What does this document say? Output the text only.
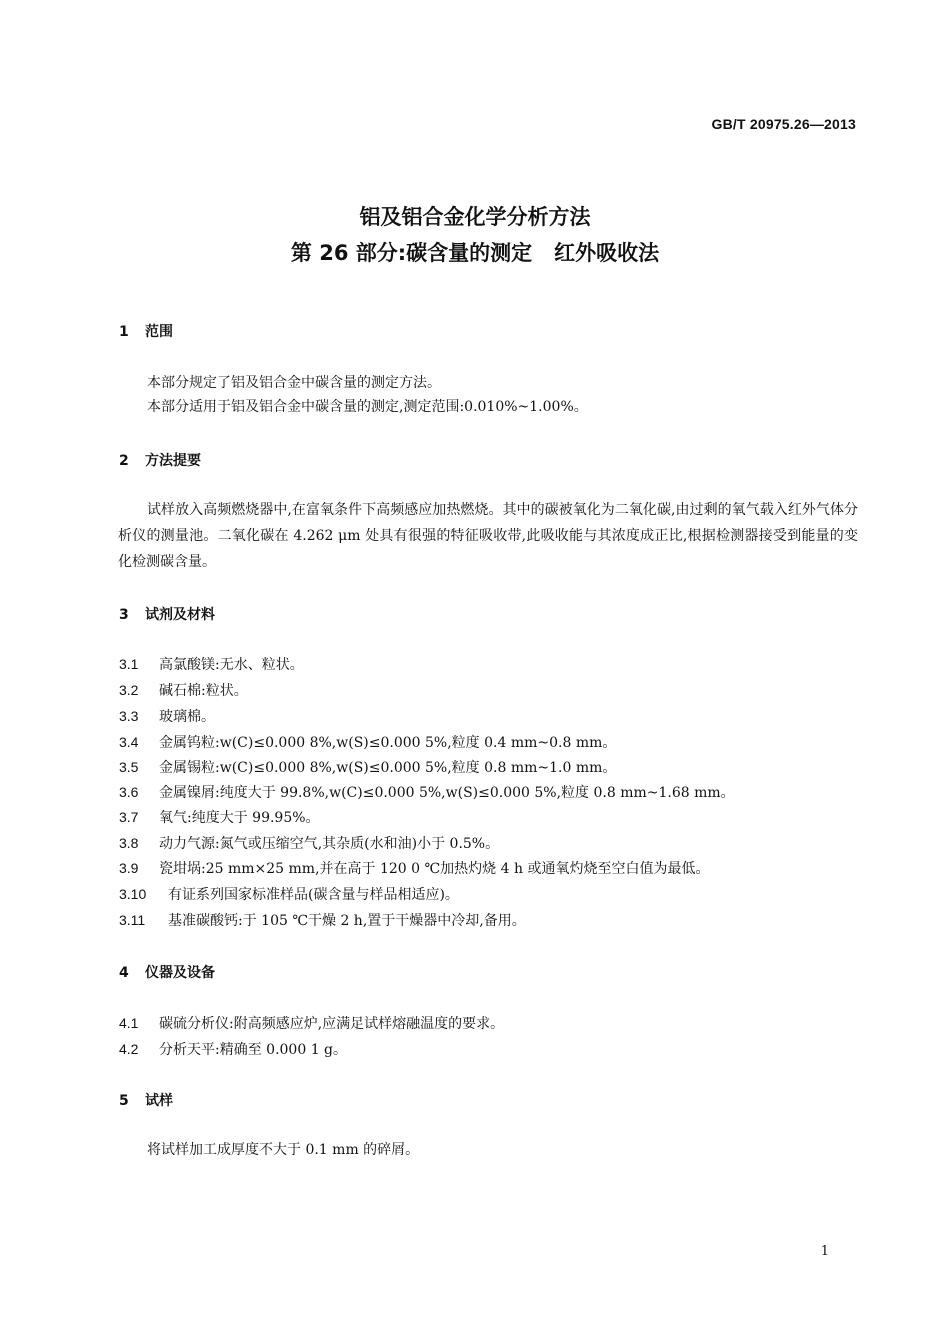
GB/T 20975.26—2013
铝及铝合金化学分析方法
第 26 部分:碳含量的测定   红外吸收法
1 范围

本部分规定了铝及铝合金中碳含量的测定方法。

本部分适用于铝及铝合金中碳含量的测定,测定范围:0.010%~1.00%。

2 方法提要

试样放入高频燃烧器中,在富氧条件下高频感应加热燃烧。其中的碳被氧化为二氧化碳,由过剩的氧气载入红外气体分析仪的测量池。二氧化碳在 4.262 μm 处具有很强的特征吸收带,此吸收能与其浓度成正比,根据检测器接受到能量的变化检测碳含量。

3 试剂及材料
3.1 高氯酸镁:无水、粒状。
3.2 碱石棉:粒状。
3.3 玻璃棉。
3.4 金属钨粒:w(C)≤0.000 8%,w(S)≤0.000 5%,粒度 0.4 mm~0.8 mm。
3.5 金属锡粒:w(C)≤0.000 8%,w(S)≤0.000 5%,粒度 0.8 mm~1.0 mm。
3.6 金属镍屑:纯度大于 99.8%,w(C)≤0.000 5%,w(S)≤0.000 5%,粒度 0.8 mm~1.68 mm。
3.7 氧气:纯度大于 99.95%。
3.8 动力气源:氮气或压缩空气,其杂质(水和油)小于 0.5%。
3.9 瓷坩埚:25 mm×25 mm,并在高于 120 0 ℃加热灼烧 4 h 或通氧灼烧至空白值为最低。
3.10 有证系列国家标准样品(碳含量与样品相适应)。
3.11 基准碳酸钙:于 105 ℃干燥 2 h,置于干燥器中冷却,备用。
4 仪器及设备
4.1 碳硫分析仪:附高频感应炉,应满足试样熔融温度的要求。
4.2 分析天平:精确至 0.000 1 g。
5 试样

将试样加工成厚度不大于 0.1 mm 的碎屑。

1
